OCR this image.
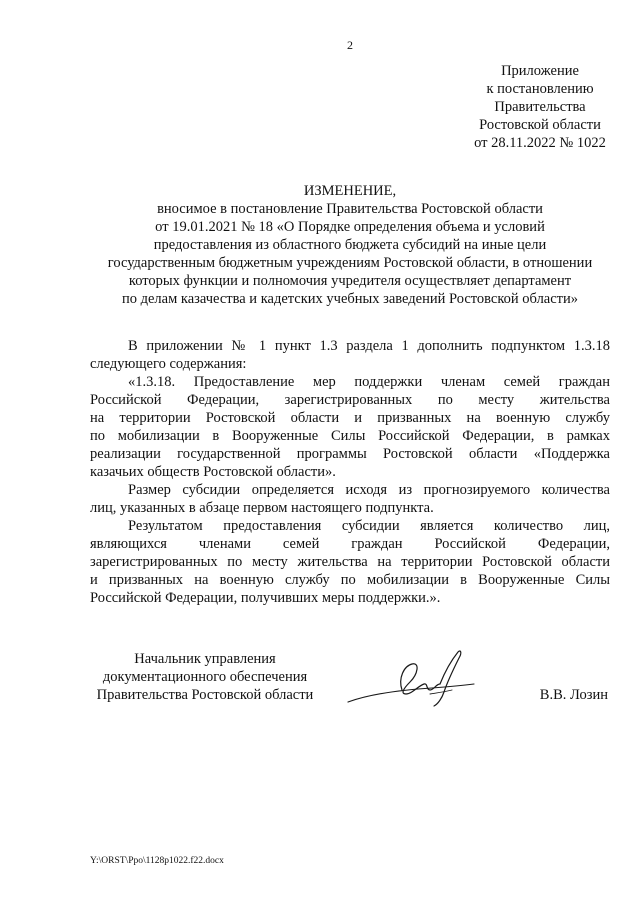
2
Приложение
к постановлению
Правительства
Ростовской области
от 28.11.2022 № 1022
ИЗМЕНЕНИЕ,
вносимое в постановление Правительства Ростовской области
от 19.01.2021 № 18 «О Порядке определения объема и условий
предоставления из областного бюджета субсидий на иные цели
государственным бюджетным учреждениям Ростовской области, в отношении
которых функции и полномочия учредителя осуществляет департамент
по делам казачества и кадетских учебных заведений Ростовской области»
В приложении № 1 пункт 1.3 раздела 1 дополнить подпунктом 1.3.18
следующего содержания:
«1.3.18. Предоставление мер поддержки членам семей граждан
Российской Федерации, зарегистрированных по месту жительства
на территории Ростовской области и призванных на военную службу
по мобилизации в Вооруженные Силы Российской Федерации, в рамках
реализации государственной программы Ростовской области «Поддержка
казачьих обществ Ростовской области».
Размер субсидии определяется исходя из прогнозируемого количества
лиц, указанных в абзаце первом настоящего подпункта.
Результатом предоставления субсидии является количество лиц,
являющихся членами семей граждан Российской Федерации,
зарегистрированных по месту жительства на территории Ростовской области
и призванных на военную службу по мобилизации в Вооруженные Силы
Российской Федерации, получивших меры поддержки.».
Начальник управления
документационного обеспечения
Правительства Ростовской области	В.В. Лозин
Y:\ORST\Ppo\1128p1022.f22.docx
